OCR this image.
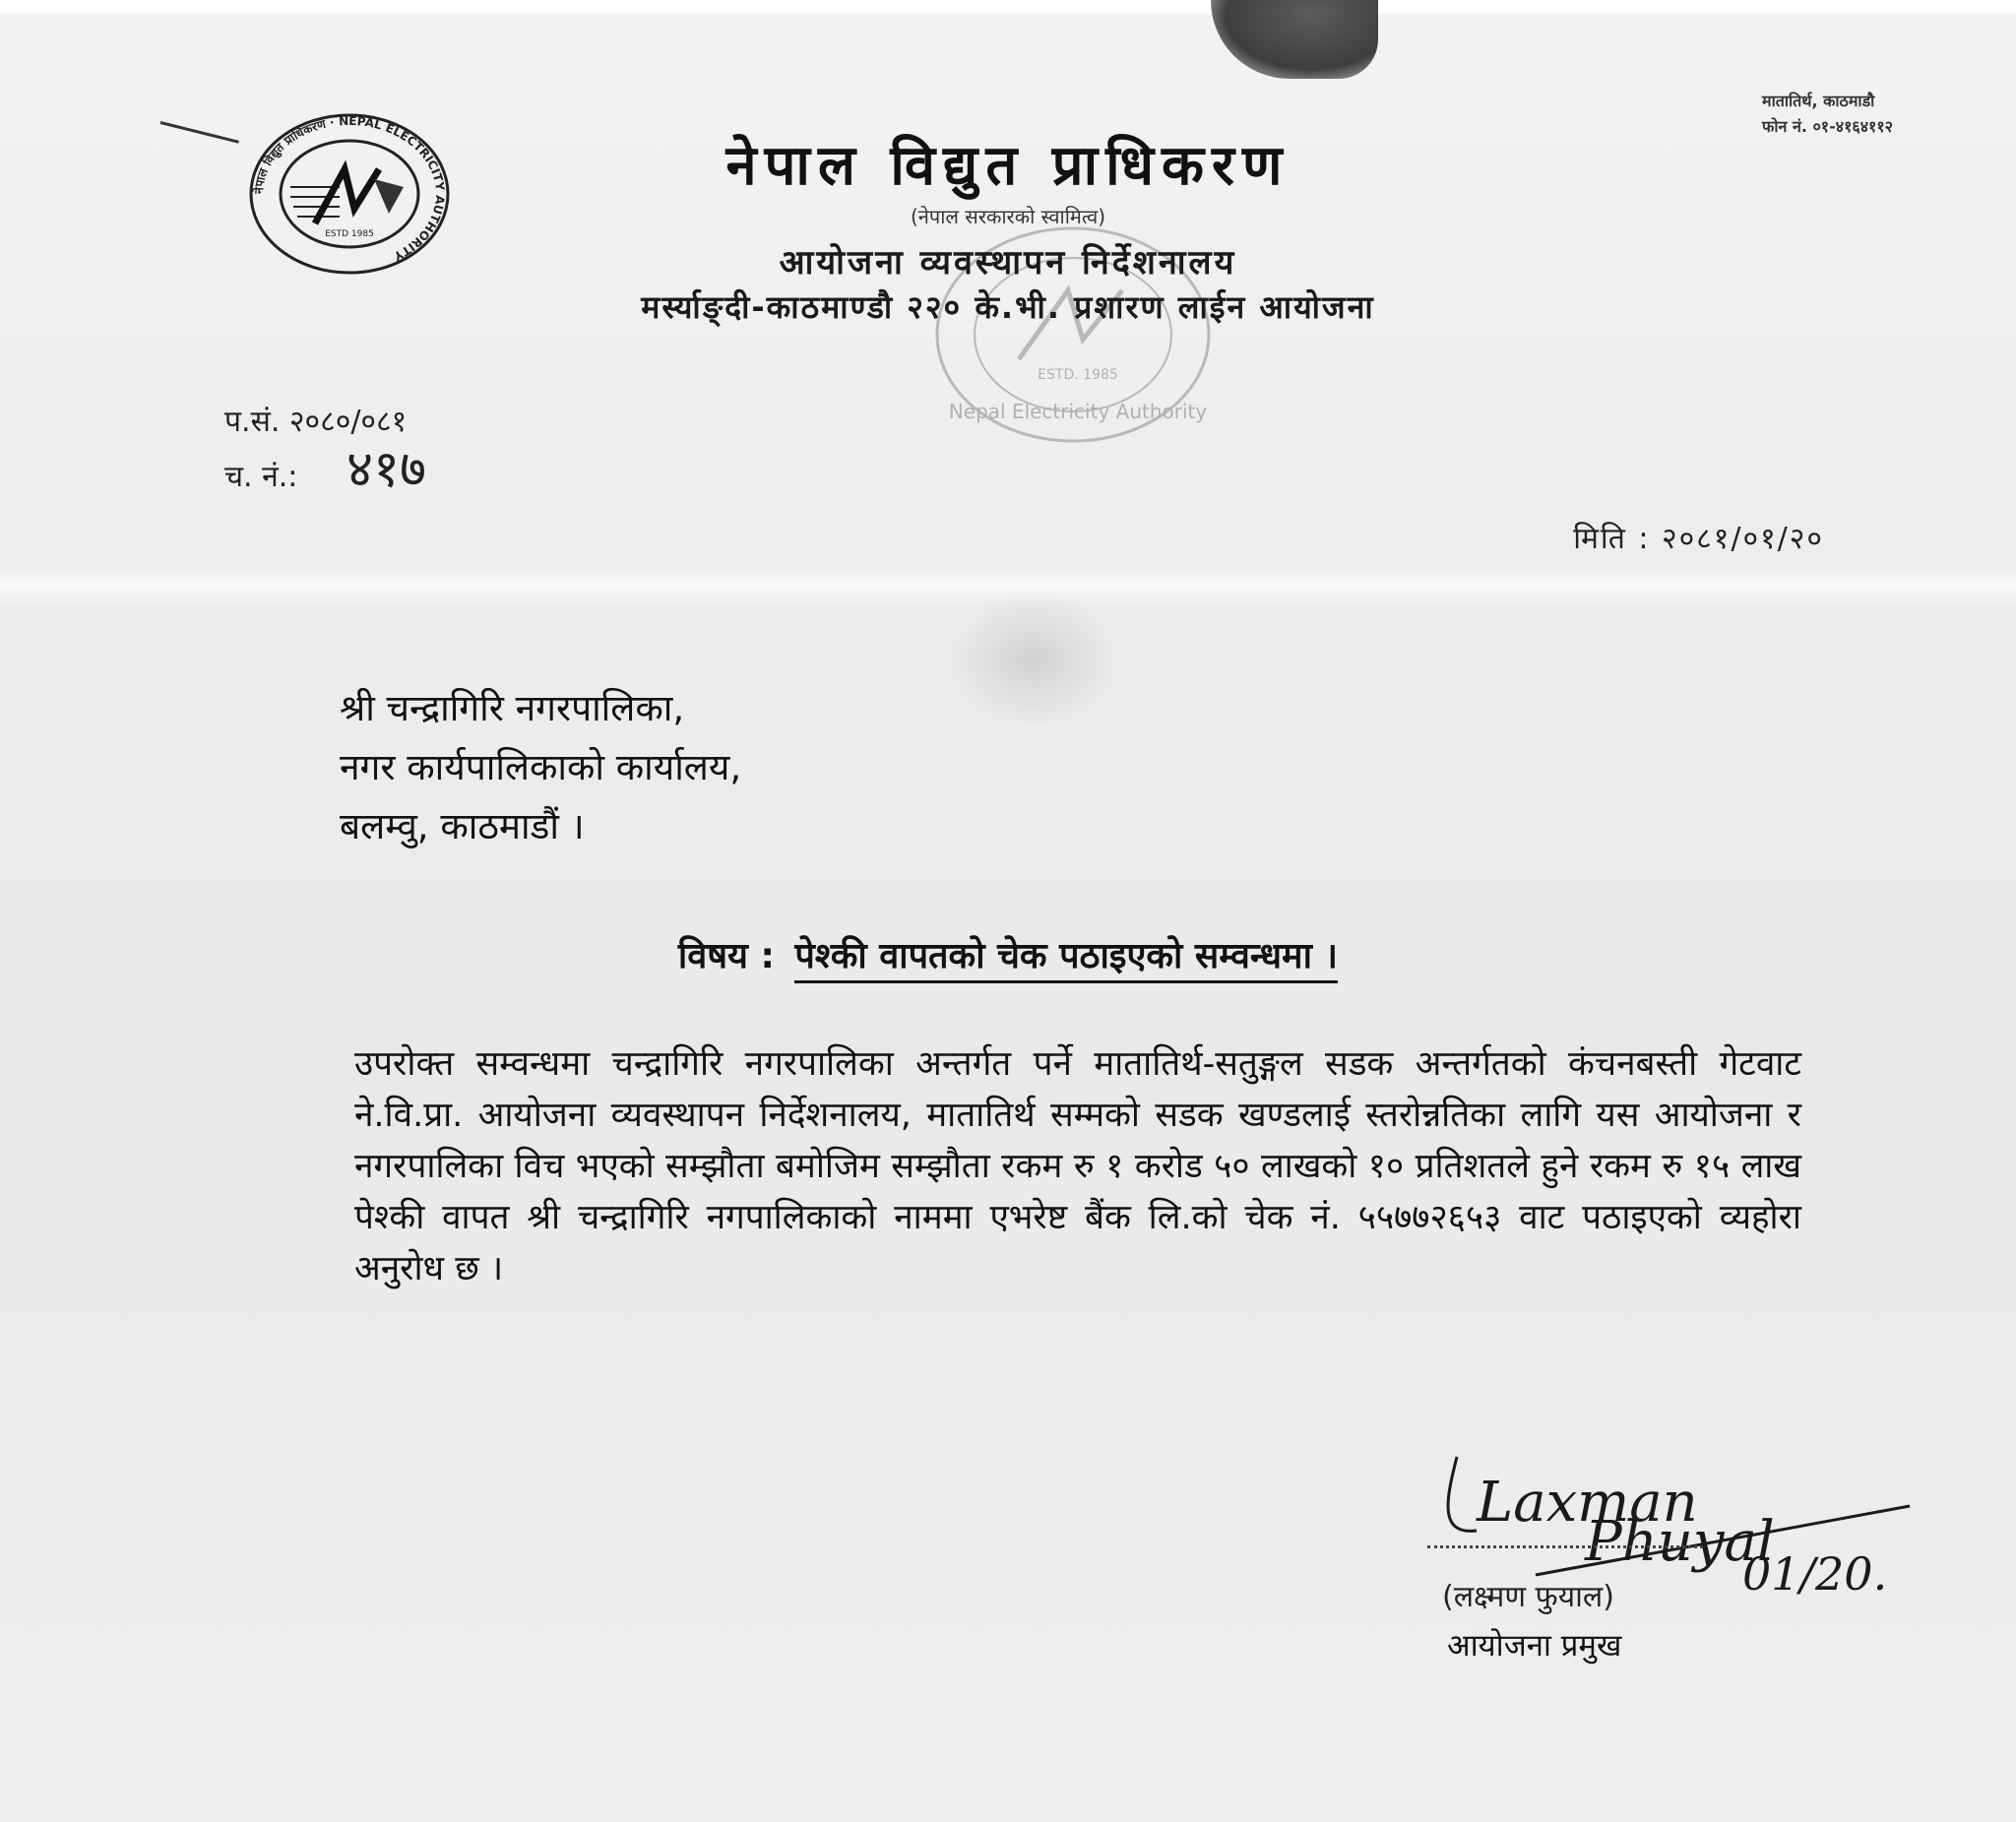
नेपाल विद्युत प्राधिकरण · NEPAL ELECTRICITY AUTHORITY
ESTD 1985
ESTD. 1985
Nepal Electricity Authority
मातातिर्थ, काठमाडौ
फोन नं. ०१-४१६४११२
नेपाल विद्युत प्राधिकरण
(नेपाल सरकारको स्वामित्व)
आयोजना व्यवस्थापन निर्देशनालय
मर्स्याङ्दी-काठमाण्डौ २२० के.भी. प्रशारण लाईन आयोजना
प.सं. २०८०/०८१
च. नं.: ४१७
मिति : २०८१/०१/२०
श्री चन्द्रागिरि नगरपालिका,
नगर कार्यपालिकाको कार्यालय,
बलम्वु, काठमाडौं ।
विषय : पेश्की वापतको चेक पठाइएको सम्वन्धमा ।
उपरोक्त सम्वन्धमा चन्द्रागिरि नगरपालिका अन्तर्गत पर्ने मातातिर्थ-सतुङ्गल सडक अन्तर्गतको कंचनबस्ती गेटवाट ने.वि.प्रा. आयोजना व्यवस्थापन निर्देशनालय, मातातिर्थ सम्मको सडक खण्डलाई स्तरोन्नतिका लागि यस आयोजना र नगरपालिका विच भएको सम्झौता बमोजिम सम्झौता रकम रु १ करोड ५० लाखको १० प्रतिशतले हुने रकम रु १५ लाख पेश्की वापत श्री चन्द्रागिरि नगपालिकाको नाममा एभरेष्ट बैंक लि.को चेक नं. ५५७७२६५३ वाट पठाइएको व्यहोरा अनुरोध छ ।
Laxman
Phuyal
01/20.
(लक्ष्मण फुयाल)
आयोजना प्रमुख
